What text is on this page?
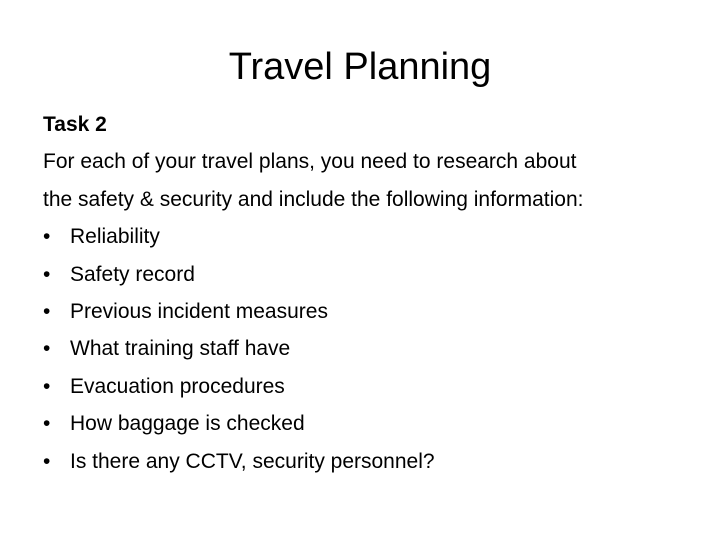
Travel Planning

Task 2

For each of your travel plans, you need to research about

the safety & security and include the following information:

• Reliability
• Safety record
• Previous incident measures
• What training staff have
• Evacuation procedures
• How baggage is checked
• Is there any CCTV, security personnel?
